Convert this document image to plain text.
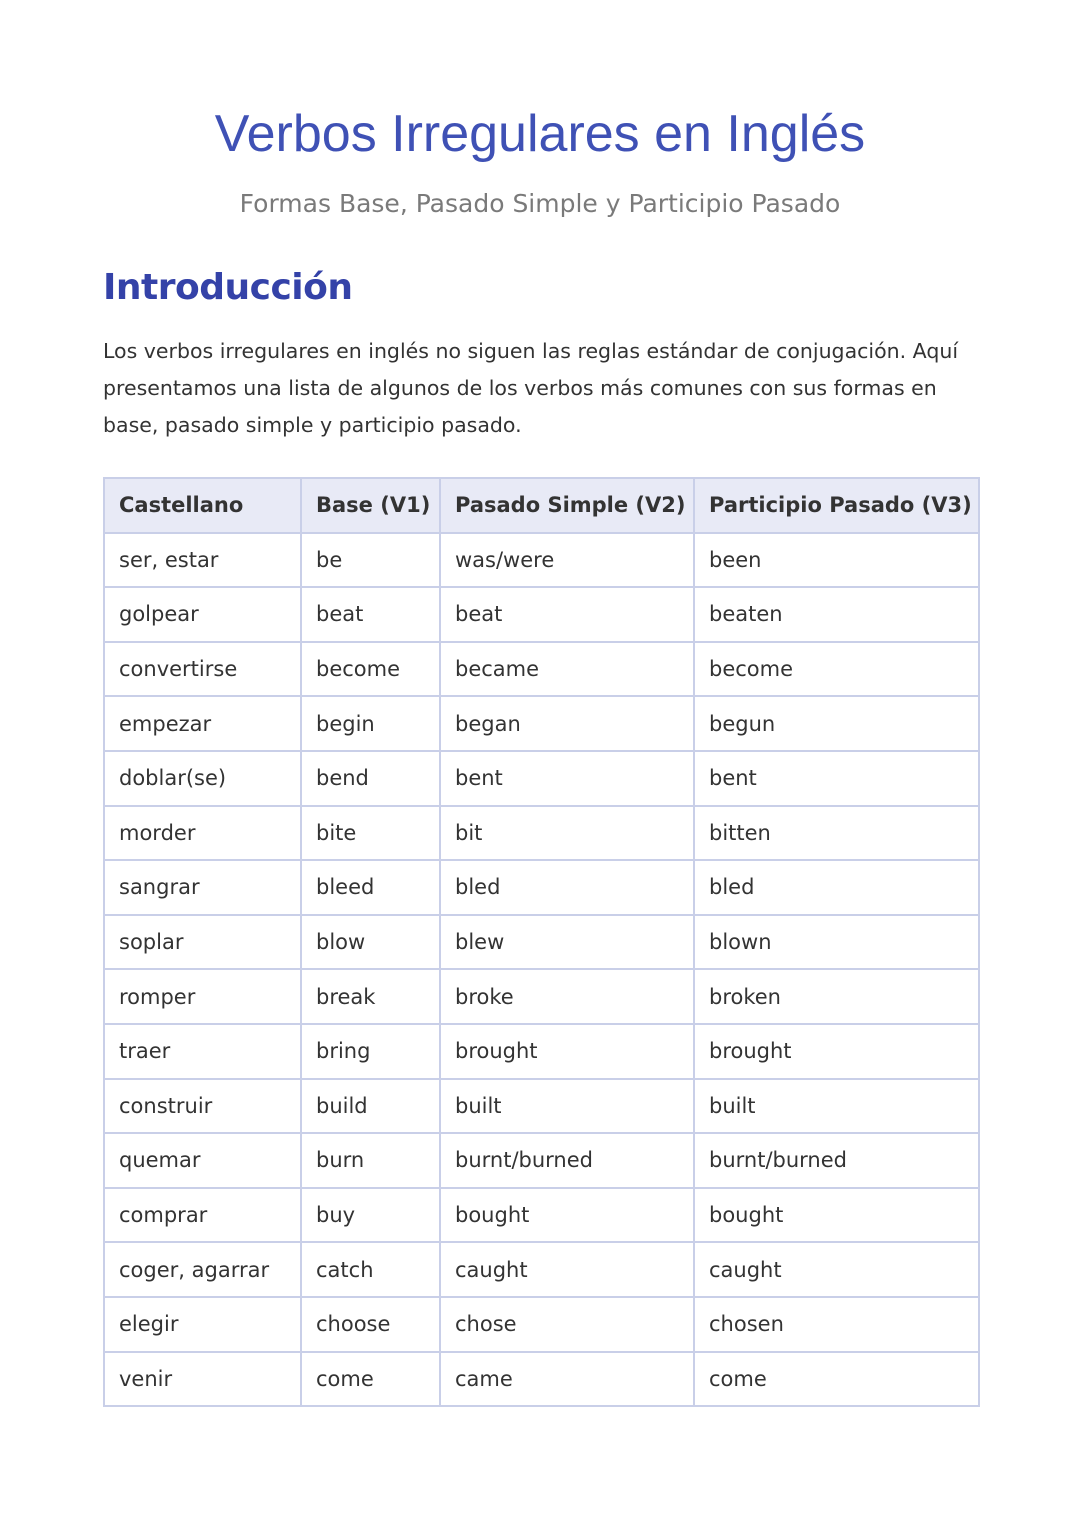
Verbos Irregulares en Inglés

Formas Base, Pasado Simple y Participio Pasado

Introducción

Los verbos irregulares en inglés no siguen las reglas estándar de conjugación. Aquí presentamos una lista de algunos de los verbos más comunes con sus formas en base, pasado simple y participio pasado.

Castellano	Base (V1)	Pasado Simple (V2)	Participio Pasado (V3)
ser, estar	be	was/were	been
golpear	beat	beat	beaten
convertirse	become	became	become
empezar	begin	began	begun
doblar(se)	bend	bent	bent
morder	bite	bit	bitten
sangrar	bleed	bled	bled
soplar	blow	blew	blown
romper	break	broke	broken
traer	bring	brought	brought
construir	build	built	built
quemar	burn	burnt/burned	burnt/burned
comprar	buy	bought	bought
coger, agarrar	catch	caught	caught
elegir	choose	chose	chosen
venir	come	came	come
